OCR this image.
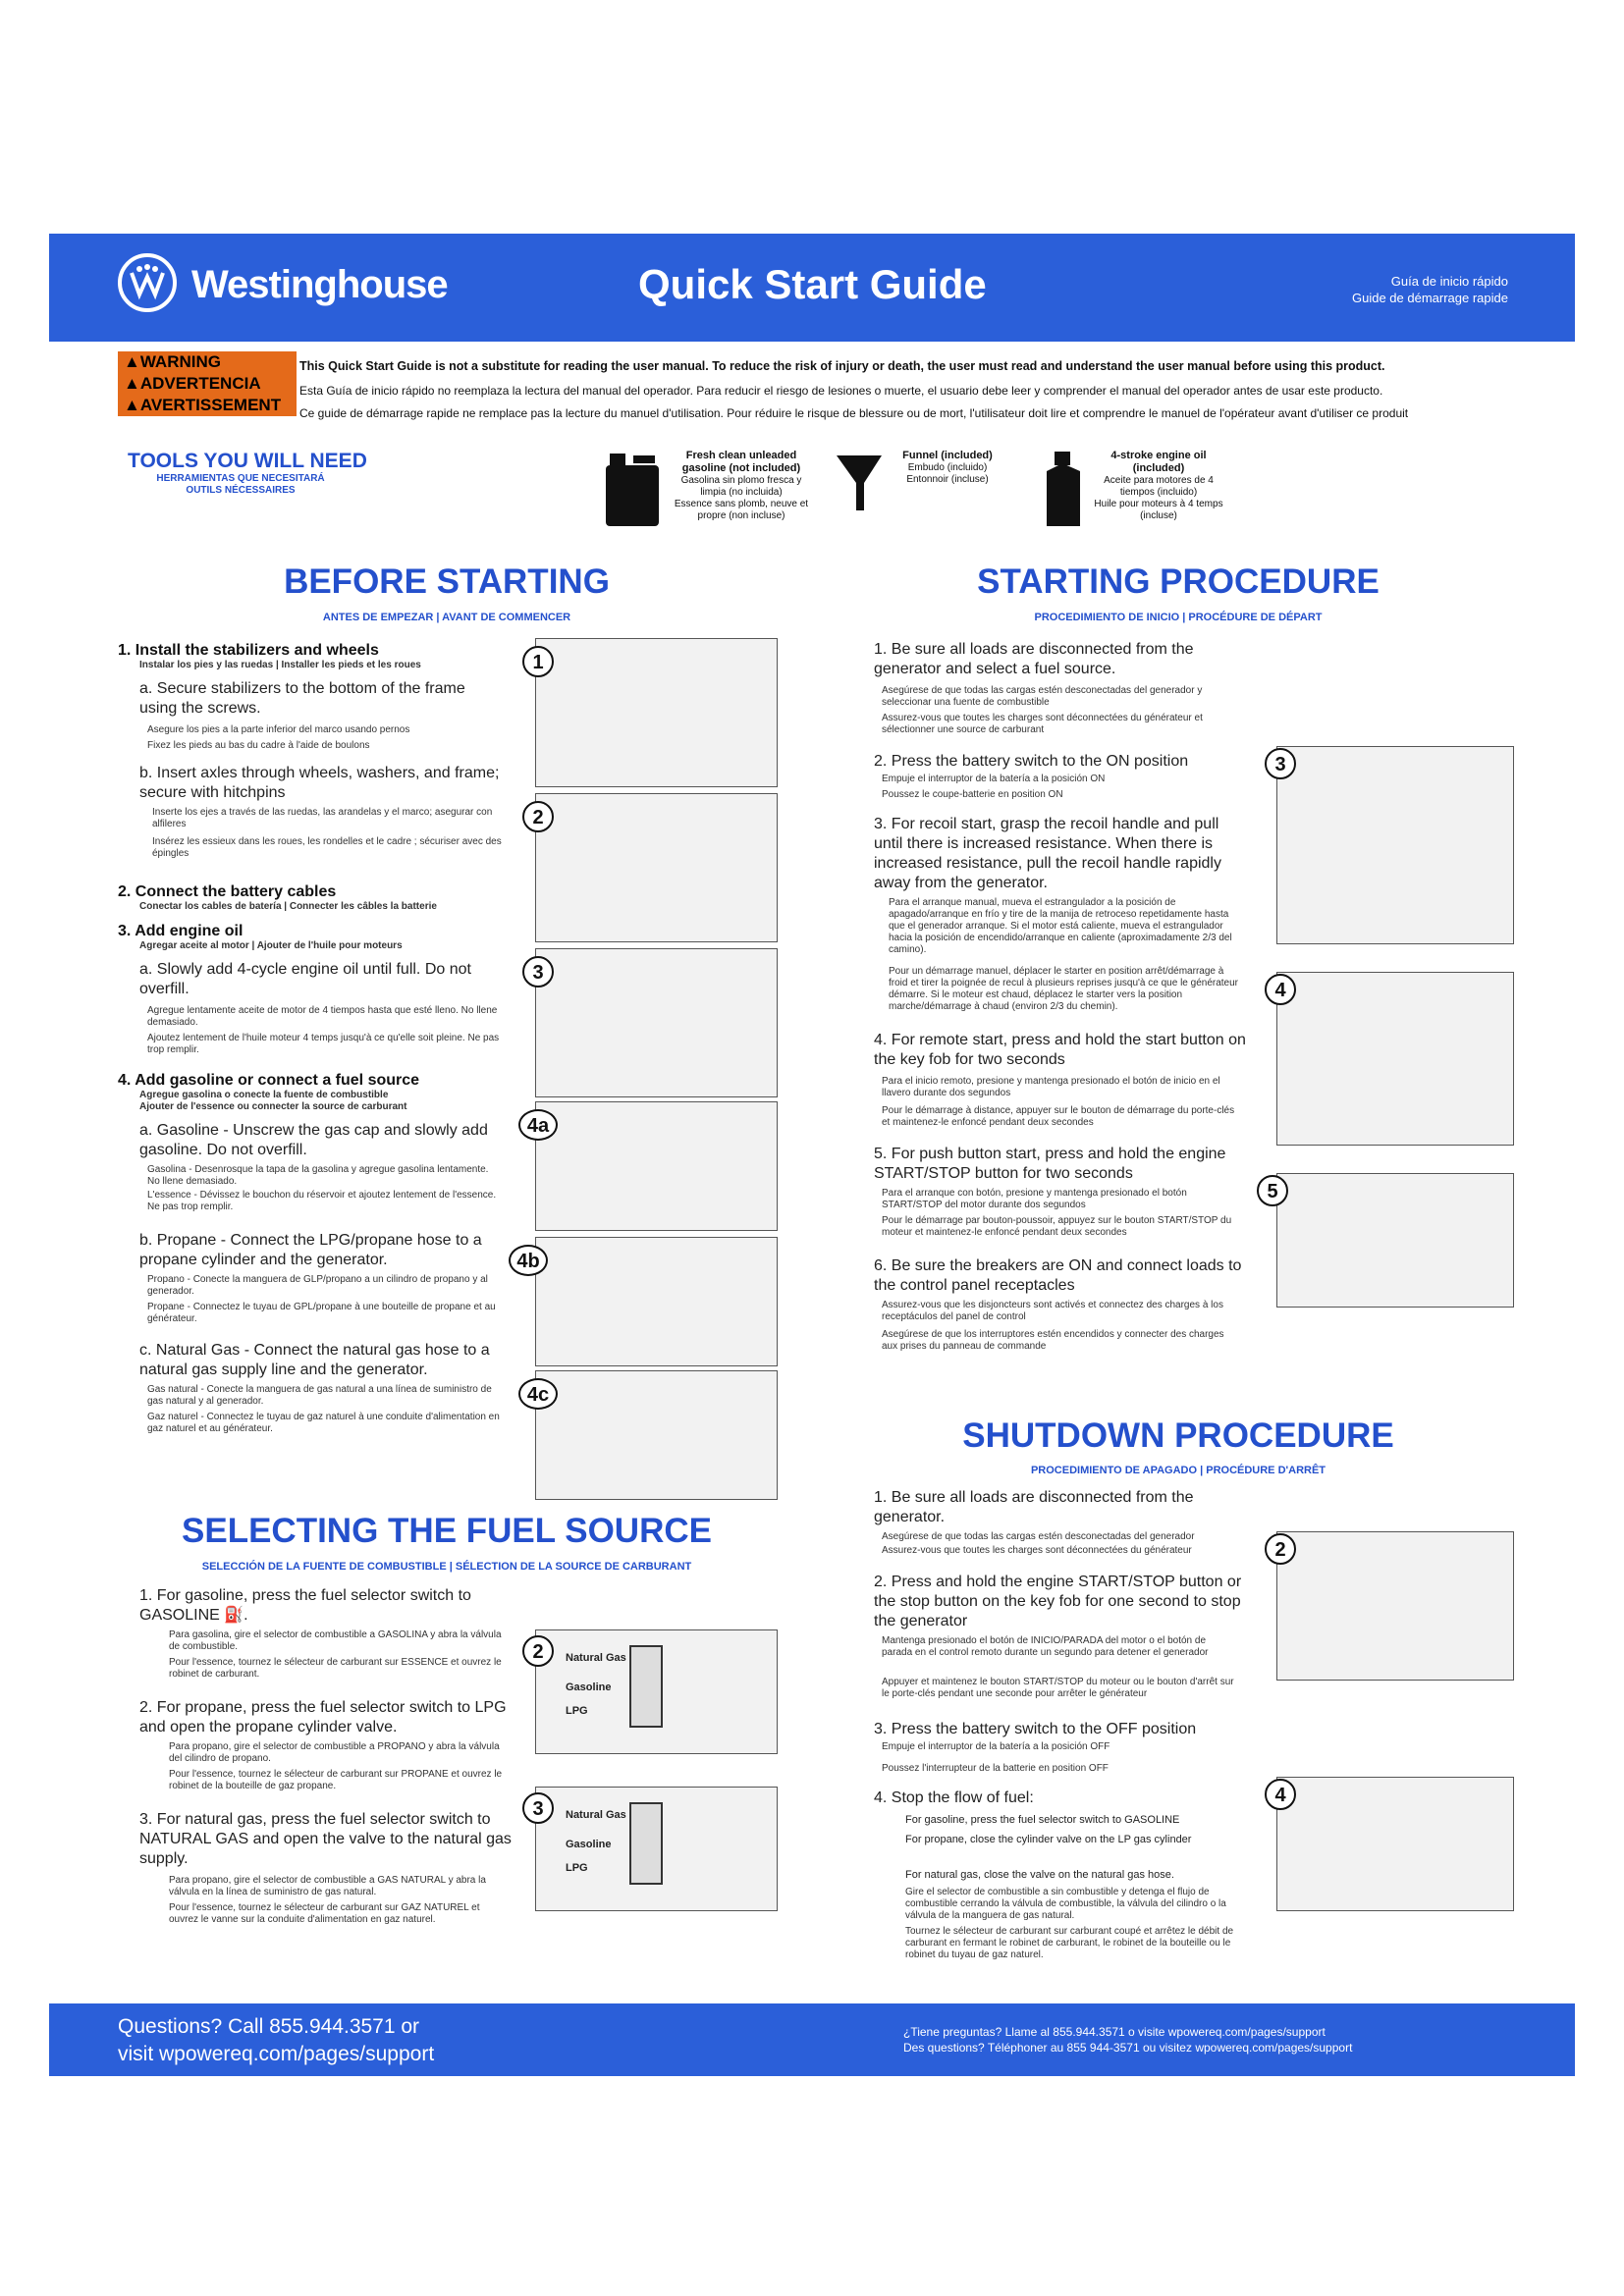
Westinghouse	Quick Start Guide	Guía de inicio rápido
Guide de démarrage rapide
▲WARNING
▲ADVERTENCIA
▲AVERTISSEMENT
This Quick Start Guide is not a substitute for reading the user manual. To reduce the risk of injury or death, the user must read and understand the user manual before using this product.
Esta Guía de inicio rápido no reemplaza la lectura del manual del operador. Para reducir el riesgo de lesiones o muerte, el usuario debe leer y comprender el manual del operador antes de usar este producto.
Ce guide de démarrage rapide ne remplace pas la lecture du manuel d'utilisation. Pour réduire le risque de blessure ou de mort, l'utilisateur doit lire et comprendre le manuel de l'opérateur avant d'utiliser ce produit
TOOLS YOU WILL NEED
HERRAMIENTAS QUE NECESITARÁ
OUTILS NÉCESSAIRES
Fresh clean unleaded gasoline (not included)
Gasolina sin plomo fresca y limpia (no incluida)
Essence sans plomb, neuve et propre (non incluse)
Funnel (included)
Embudo (incluido)
Entonnoir (incluse)
4-stroke engine oil (included)
Aceite para motores de 4 tiempos (incluido)
Huile pour moteurs à 4 temps (incluse)
BEFORE STARTING
ANTES DE EMPEZAR | AVANT DE COMMENCER
1. Install the stabilizers and wheels
Instalar los pies y las ruedas | Installer les pieds et les roues
a. Secure stabilizers to the bottom of the frame using the screws.
Asegure los pies a la parte inferior del marco usando pernos
Fixez les pieds au bas du cadre à l'aide de boulons
b. Insert axles through wheels, washers, and frame; secure with hitchpins
Inserte los ejes a través de las ruedas, las arandelas y el marco; asegurar con alfileres
Insérez les essieux dans les roues, les rondelles et le cadre ; sécuriser avec des épingles
2. Connect the battery cables
Conectar los cables de batería | Connecter les câbles la batterie
3. Add engine oil
Agregar aceite al motor | Ajouter de l'huile pour moteurs
a. Slowly add 4-cycle engine oil until full. Do not overfill.
Agregue lentamente aceite de motor de 4 tiempos hasta que esté lleno. No llene demasiado.
Ajoutez lentement de l'huile moteur 4 temps jusqu'à ce qu'elle soit pleine. Ne pas trop remplir.
4. Add gasoline or connect a fuel source
Agregue gasolina o conecte la fuente de combustible
Ajouter de l'essence ou connecter la source de carburant
a. Gasoline - Unscrew the gas cap and slowly add gasoline. Do not overfill.
Gasolina - Desenrosque la tapa de la gasolina y agregue gasolina lentamente. No llene demasiado.
L'essence - Dévissez le bouchon du réservoir et ajoutez lentement de l'essence. Ne pas trop remplir.
b. Propane - Connect the LPG/propane hose to a propane cylinder and the generator.
Propano - Conecte la manguera de GLP/propano a un cilindro de propano y al generador.
Propane - Connectez le tuyau de GPL/propane à une bouteille de propane et au générateur.
c. Natural Gas - Connect the natural gas hose to a natural gas supply line and the generator.
Gas natural - Conecte la manguera de gas natural a una línea de suministro de gas natural y al generador.
Gaz naturel - Connectez le tuyau de gaz naturel à une conduite d'alimentation en gaz naturel et au générateur.
1
2
3
4a
4b
4c
SELECTING THE FUEL SOURCE
SELECCIÓN DE LA FUENTE DE COMBUSTIBLE | SÉLECTION DE LA SOURCE DE CARBURANT
1. For gasoline, press the fuel selector switch to GASOLINE ⛽.
Para gasolina, gire el selector de combustible a GASOLINA y abra la válvula de combustible.
Pour l'essence, tournez le sélecteur de carburant sur ESSENCE et ouvrez le robinet de carburant.
2. For propane, press the fuel selector switch to LPG and open the propane cylinder valve.
Para propano, gire el selector de combustible a PROPANO y abra la válvula del cilindro de propano.
Pour l'essence, tournez le sélecteur de carburant sur PROPANE et ouvrez le robinet de la bouteille de gaz propane.
3. For natural gas, press the fuel selector switch to NATURAL GAS and open the valve to the natural gas supply.
Para propano, gire el selector de combustible a GAS NATURAL y abra la válvula en la línea de suministro de gas natural.
Pour l'essence, tournez le sélecteur de carburant sur GAZ NATUREL et ouvrez le vanne sur la conduite d'alimentation en gaz naturel.
Natural Gas
Gasoline
LPG
2
Natural Gas
Gasoline
LPG
3
STARTING PROCEDURE
PROCEDIMIENTO DE INICIO | PROCÉDURE DE DÉPART
1. Be sure all loads are disconnected from the generator and select a fuel source.
Asegúrese de que todas las cargas estén desconectadas del generador y seleccionar una fuente de combustible
Assurez-vous que toutes les charges sont déconnectées du générateur et sélectionner une source de carburant
2. Press the battery switch to the ON position
Empuje el interruptor de la batería a la posición ON
Poussez le coupe-batterie en position ON
3. For recoil start, grasp the recoil handle and pull until there is increased resistance. When there is increased resistance, pull the recoil handle rapidly away from the generator.
Para el arranque manual, mueva el estrangulador a la posición de apagado/arranque en frío y tire de la manija de retroceso repetidamente hasta que el generador arranque. Si el motor está caliente, mueva el estrangulador hacia la posición de encendido/arranque en caliente (aproximadamente 2/3 del camino).
Pour un démarrage manuel, déplacer le starter en position arrêt/démarrage à froid et tirer la poignée de recul à plusieurs reprises jusqu'à ce que le générateur démarre. Si le moteur est chaud, déplacez le starter vers la position marche/démarrage à chaud (environ 2/3 du chemin).
4. For remote start, press and hold the start button on the key fob for two seconds
Para el inicio remoto, presione y mantenga presionado el botón de inicio en el llavero durante dos segundos
Pour le démarrage à distance, appuyer sur le bouton de démarrage du porte-clés et maintenez-le enfoncé pendant deux secondes
5. For push button start, press and hold the engine START/STOP button for two seconds
Para el arranque con botón, presione y mantenga presionado el botón START/STOP del motor durante dos segundos
Pour le démarrage par bouton-poussoir, appuyez sur le bouton START/STOP du moteur et maintenez-le enfoncé pendant deux secondes
6. Be sure the breakers are ON and connect loads to the control panel receptacles
Assurez-vous que les disjoncteurs sont activés et connectez des charges à los receptáculos del panel de control
Asegúrese de que los interruptores estén encendidos y connecter des charges aux prises du panneau de commande
3
4
5
SHUTDOWN PROCEDURE
PROCEDIMIENTO DE APAGADO | PROCÉDURE D'ARRÊT
1. Be sure all loads are disconnected from the generator.
Asegúrese de que todas las cargas estén desconectadas del generador
Assurez-vous que toutes les charges sont déconnectées du générateur
2. Press and hold the engine START/STOP button or the stop button on the key fob for one second to stop the generator
Mantenga presionado el botón de INICIO/PARADA del motor o el botón de parada en el control remoto durante un segundo para detener el generador
Appuyer et maintenez le bouton START/STOP du moteur ou le bouton d'arrêt sur le porte-clés pendant une seconde pour arrêter le générateur
3. Press the battery switch to the OFF position
Empuje el interruptor de la batería a la posición OFF
Poussez l'interrupteur de la batterie en position OFF
4. Stop the flow of fuel:
For gasoline, press the fuel selector switch to GASOLINE
For propane, close the cylinder valve on the LP gas cylinder
For natural gas, close the valve on the natural gas hose.
Gire el selector de combustible a sin combustible y detenga el flujo de combustible cerrando la válvula de combustible, la válvula del cilindro o la válvula de la manguera de gas natural.
Tournez le sélecteur de carburant sur carburant coupé et arrêtez le débit de carburant en fermant le robinet de carburant, le robinet de la bouteille ou le robinet du tuyau de gaz naturel.
2
4
Questions? Call 855.944.3571 or
visit wpowereq.com/pages/support
¿Tiene preguntas? Llame al 855.944.3571 o visite wpowereq.com/pages/support
Des questions? Téléphoner au 855 944-3571 ou visitez wpowereq.com/pages/support
